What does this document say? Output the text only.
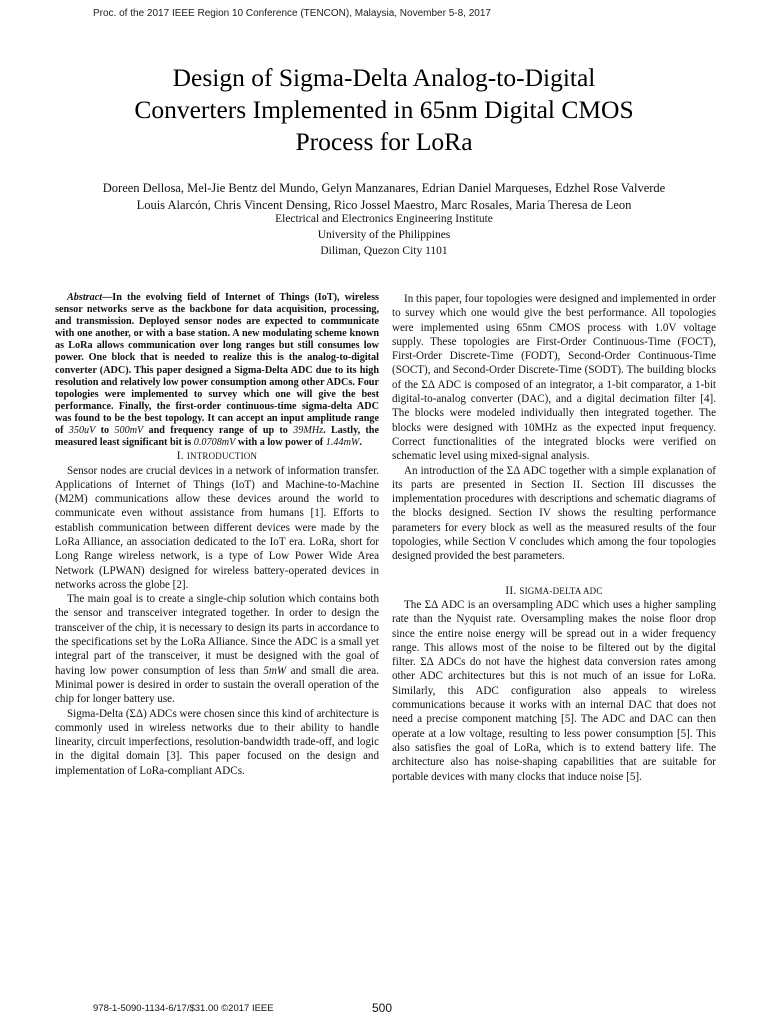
Proc. of the 2017 IEEE Region 10 Conference (TENCON), Malaysia, November 5-8, 2017
Design of Sigma-Delta Analog-to-Digital
Converters Implemented in 65nm Digital CMOS
Process for LoRa
Doreen Dellosa, Mel-Jie Bentz del Mundo, Gelyn Manzanares, Edrian Daniel Marqueses, Edzhel Rose Valverde
Louis Alarcón, Chris Vincent Densing, Rico Jossel Maestro, Marc Rosales, Maria Theresa de Leon
Electrical and Electronics Engineering Institute
University of the Philippines
Diliman, Quezon City 1101

Abstract—In the evolving field of Internet of Things (IoT), wireless sensor networks serve as the backbone for data acquisition, processing, and transmission. Deployed sensor nodes are expected to communicate with one another, or with a base station. A new modulating scheme known as LoRa allows communication over long ranges but still consumes low power. One block that is needed to realize this is the analog-to-digital converter (ADC). This paper designed a Sigma-Delta ADC due to its high resolution and relatively low power consumption among other ADCs. Four topologies were implemented to survey which one will give the best performance. Finally, the first-order continuous-time sigma-delta ADC was found to be the best topology. It can accept an input amplitude range of 350uV to 500mV and frequency range of up to 39MHz. Lastly, the measured least significant bit is 0.0708mV with a low power of 1.44mW.

I. INTRODUCTION

Sensor nodes are crucial devices in a network of information transfer. Applications of Internet of Things (IoT) and Machine-to-Machine (M2M) communications allow these devices around the world to communicate even without assistance from humans [1]. Efforts to establish communication between different devices were made by the LoRa Alliance, an association dedicated to the IoT era. LoRa, short for Long Range wireless network, is a type of Low Power Wide Area Network (LPWAN) designed for wireless battery-operated devices in networks across the globe [2].

The main goal is to create a single-chip solution which contains both the sensor and transceiver integrated together. In order to design the transceiver of the chip, it is necessary to design its parts in accordance to the specifications set by the LoRa Alliance. Since the ADC is a small yet integral part of the transceiver, it must be designed with the goal of having low power consumption of less than 5mW and small die area. Minimal power is desired in order to sustain the overall operation of the chip for longer battery use.

Sigma-Delta (ΣΔ) ADCs were chosen since this kind of architecture is commonly used in wireless networks due to their ability to handle linearity, circuit imperfections, resolution-bandwidth trade-off, and logic in the digital domain [3]. This paper focused on the design and implementation of LoRa-compliant ADCs.

In this paper, four topologies were designed and implemented in order to survey which one would give the best performance. All topologies were implemented using 65nm CMOS process with 1.0V voltage supply. These topologies are First-Order Continuous-Time (FOCT), First-Order Discrete-Time (FODT), Second-Order Continuous-Time (SOCT), and Second-Order Discrete-Time (SODT). The building blocks of the ΣΔ ADC is composed of an integrator, a 1-bit comparator, a 1-bit digital-to-analog converter (DAC), and a digital decimation filter [4]. The blocks were modeled individually then integrated together. The blocks were designed with 10MHz as the expected input frequency. Correct functionalities of the integrated blocks were verified on schematic level using mixed-signal analysis.

An introduction of the ΣΔ ADC together with a simple explanation of its parts are presented in Section II. Section III discusses the implementation procedures with descriptions and schematic diagrams of the blocks designed. Section IV shows the resulting performance parameters for every block as well as the measured results of the four topologies, while Section V concludes which among the four topologies designed provided the best parameters.

II. SIGMA-DELTA ADC

The ΣΔ ADC is an oversampling ADC which uses a higher sampling rate than the Nyquist rate. Oversampling makes the noise floor drop since the entire noise energy will be spread out in a wider frequency range. This allows most of the noise to be filtered out by the digital filter. ΣΔ ADCs do not have the highest data conversion rates among other ADC architectures but this is not much of an issue for LoRa. Similarly, this ADC configuration also appeals to wireless communications because it works with an internal DAC that does not need a precise component matching [5]. The ADC and DAC can then operate at a low voltage, resulting to less power consumption [5]. This also satisfies the goal of LoRa, which is to extend battery life. The architecture also has noise-shaping capabilities that are suitable for portable devices with many clocks that induce noise [5].

978-1-5090-1134-6/17/$31.00 ©2017 IEEE	500
